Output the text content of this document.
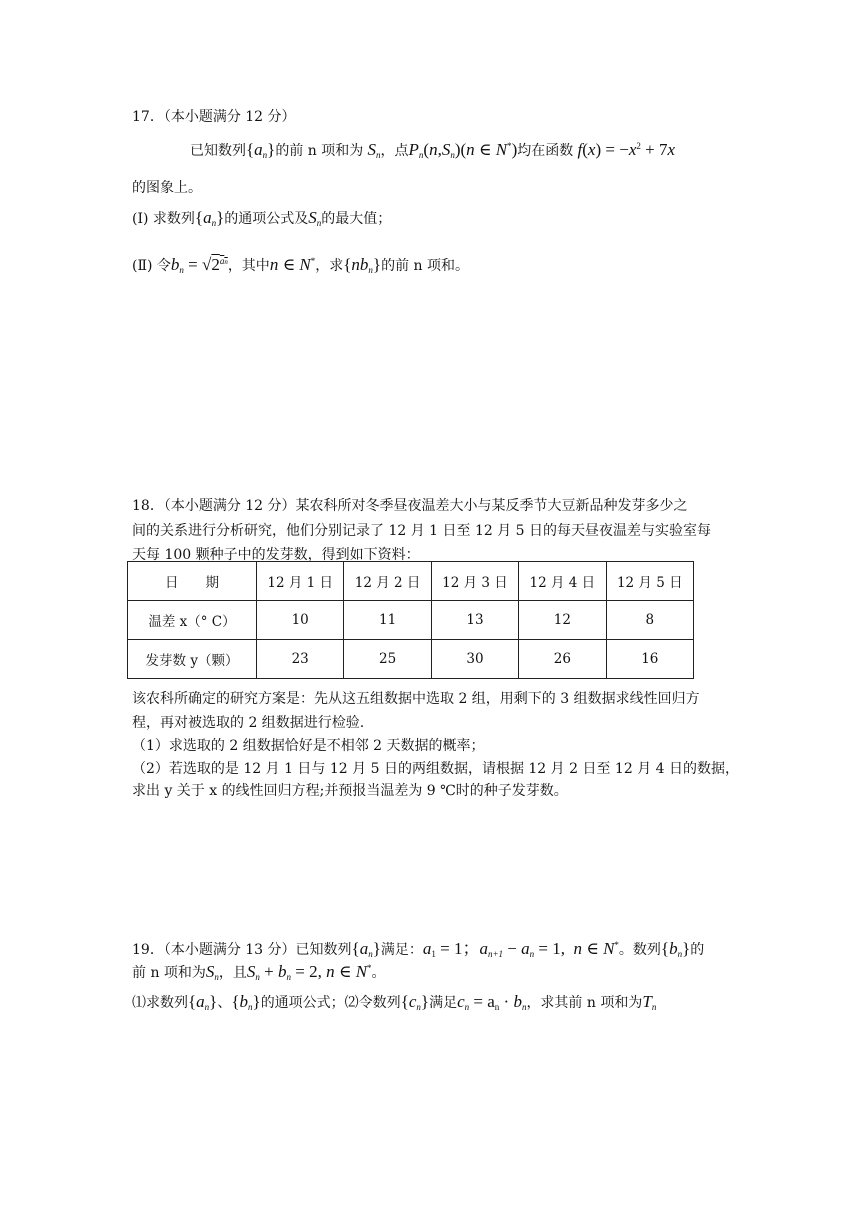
17．（本小题满分 12 分）
已知数列$\{a_n\}$的前 n 项和为 $S_n$，点$P_n(n,S_n)(n$ ∈ N*)均在函数 $f(x) = -x^2 + 7x$
的图象上。
(Ⅰ) 求数列$\{a_n\}$的通项公式及$S_n$的最大值；
(Ⅱ) 令$b_n = √2^{an}$，其中n ∈ N*，求$\{nb_n\}$的前 n 项和。
18．（本小题满分 12 分）某农科所对冬季昼夜温差大小与某反季节大豆新品种发芽多少之
间的关系进行分析研究，他们分别记录了 12 月 1 日至 12 月 5 日的每天昼夜温差与实验室每
天每 100 颗种子中的发芽数，得到如下资料：
日　　期	12 月 1 日	12 月 2 日	12 月 3 日	12 月 4 日	12 月 5 日
温差 x（° C）	10	11	13	12	8
发芽数 y（颗）	23	25	30	26	16
该农科所确定的研究方案是：先从这五组数据中选取 2 组，用剩下的 3 组数据求线性回归方
程，再对被选取的 2 组数据进行检验.
（1）求选取的 2 组数据恰好是不相邻 2 天数据的概率；
（2）若选取的是 12 月 1 日与 12 月 5 日的两组数据，请根据 12 月 2 日至 12 月 4 日的数据，
求出 y 关于 x 的线性回归方程;并预报当温差为 9 ℃时的种子发芽数。
19．（本小题满分 13 分）已知数列$\{a_n\}$满足：$a_1 = 1$；$a_{n+1} - a_n = 1$,  n ∈ N*。数列$\{b_n\}$的
前 n 项和为$S_n$，且$S_n + b_n = 2$, n ∈ N*。
⑴求数列$\{a_n\}$、$\{b_n\}$的通项公式；⑵令数列$\{c_n\}$满足$c_n = a_n \cdot b_n$，求其前 n 项和为$T_n$
